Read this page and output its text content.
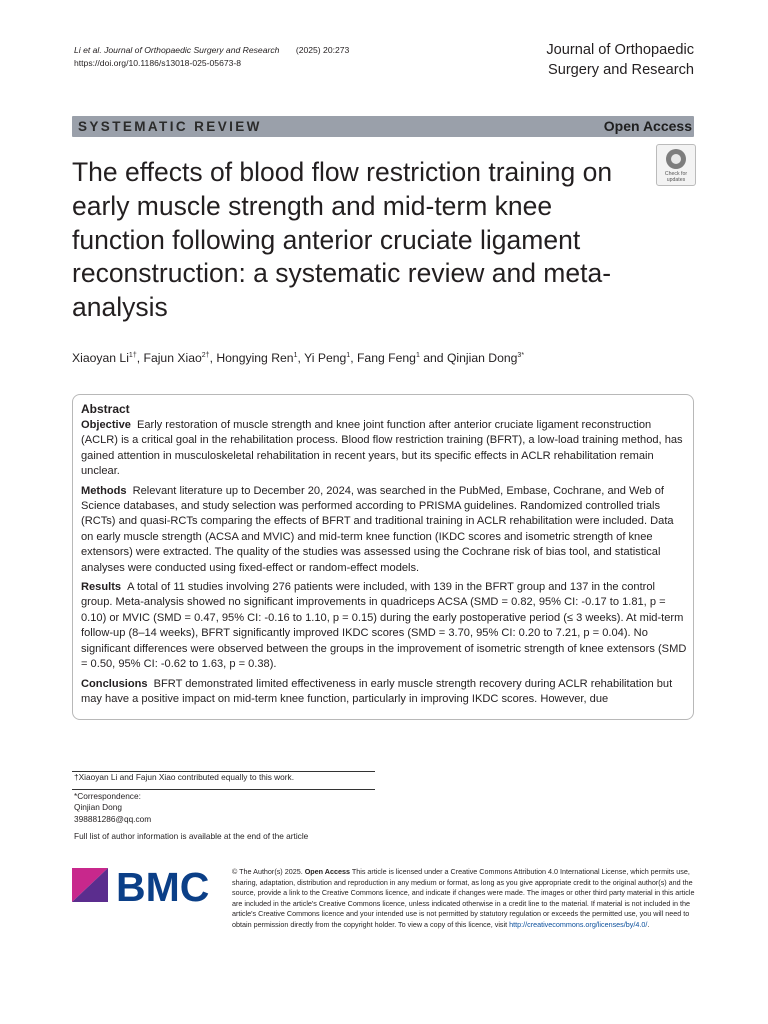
Li et al. Journal of Orthopaedic Surgery and Research (2025) 20:273
https://doi.org/10.1186/s13018-025-05673-8
Journal of Orthopaedic
Surgery and Research
SYSTEMATIC REVIEW	Open Access
The effects of blood flow restriction training on early muscle strength and mid-term knee function following anterior cruciate ligament reconstruction: a systematic review and meta-analysis
Check for updates
Xiaoyan $Li^{1\dagger}$, Fajun Xiao$^{2\dagger}$, Hongying Ren$^1$, Yi Peng$^1$, Fang Feng$^1$ and Qinjian Dong$^{3*}$
Abstract

Objective Early restoration of muscle strength and knee joint function after anterior cruciate ligament reconstruction (ACLR) is a critical goal in the rehabilitation process. Blood flow restriction training (BFRT), a low-load training method, has gained attention in musculoskeletal rehabilitation in recent years, but its specific effects in ACLR rehabilitation remain unclear.

Methods Relevant literature up to December 20, 2024, was searched in the PubMed, Embase, Cochrane, and Web of Science databases, and study selection was performed according to PRISMA guidelines. Randomized controlled trials (RCTs) and quasi-RCTs comparing the effects of BFRT and traditional training in ACLR rehabilitation were included. Data on early muscle strength (ACSA and MVIC) and mid-term knee function (IKDC scores and isometric strength of knee extensors) were extracted. The quality of the studies was assessed using the Cochrane risk of bias tool, and statistical analyses were conducted using fixed-effect or random-effect models.

Results A total of 11 studies involving 276 patients were included, with 139 in the BFRT group and 137 in the control group. Meta-analysis showed no significant improvements in quadriceps ACSA (SMD = 0.82, 95% CI: -0.17 to 1.81, p = 0.10) or MVIC (SMD = 0.47, 95% CI: -0.16 to 1.10, p = 0.15) during the early postoperative period (≤ 3 weeks). At mid-term follow-up (8–14 weeks), BFRT significantly improved IKDC scores (SMD = 3.70, 95% CI: 0.20 to 7.21, p = 0.04). No significant differences were observed between the groups in the improvement of isometric strength of knee extensors (SMD = 0.50, 95% CI: -0.62 to 1.63, p = 0.38).

Conclusions BFRT demonstrated limited effectiveness in early muscle strength recovery during ACLR rehabilitation but may have a positive impact on mid-term knee function, particularly in improving IKDC scores. However, due

†Xiaoyan Li and Fajun Xiao contributed equally to this work.
*Correspondence:
Qinjian Dong
398881286@qq.com
Full list of author information is available at the end of the article
BMC	© The Author(s) 2025. Open Access This article is licensed under a Creative Commons Attribution 4.0 International License, which permits use, sharing, adaptation, distribution and reproduction in any medium or format, as long as you give appropriate credit to the original author(s) and the source, provide a link to the Creative Commons licence, and indicate if changes were made. The images or other third party material in this article are included in the article's Creative Commons licence, unless indicated otherwise in a credit line to the material. If material is not included in the article's Creative Commons licence and your intended use is not permitted by statutory regulation or exceeds the permitted use, you will need to obtain permission directly from the copyright holder. To view a copy of this licence, visit http://creativecommons.org/licenses/by/4.0/.
